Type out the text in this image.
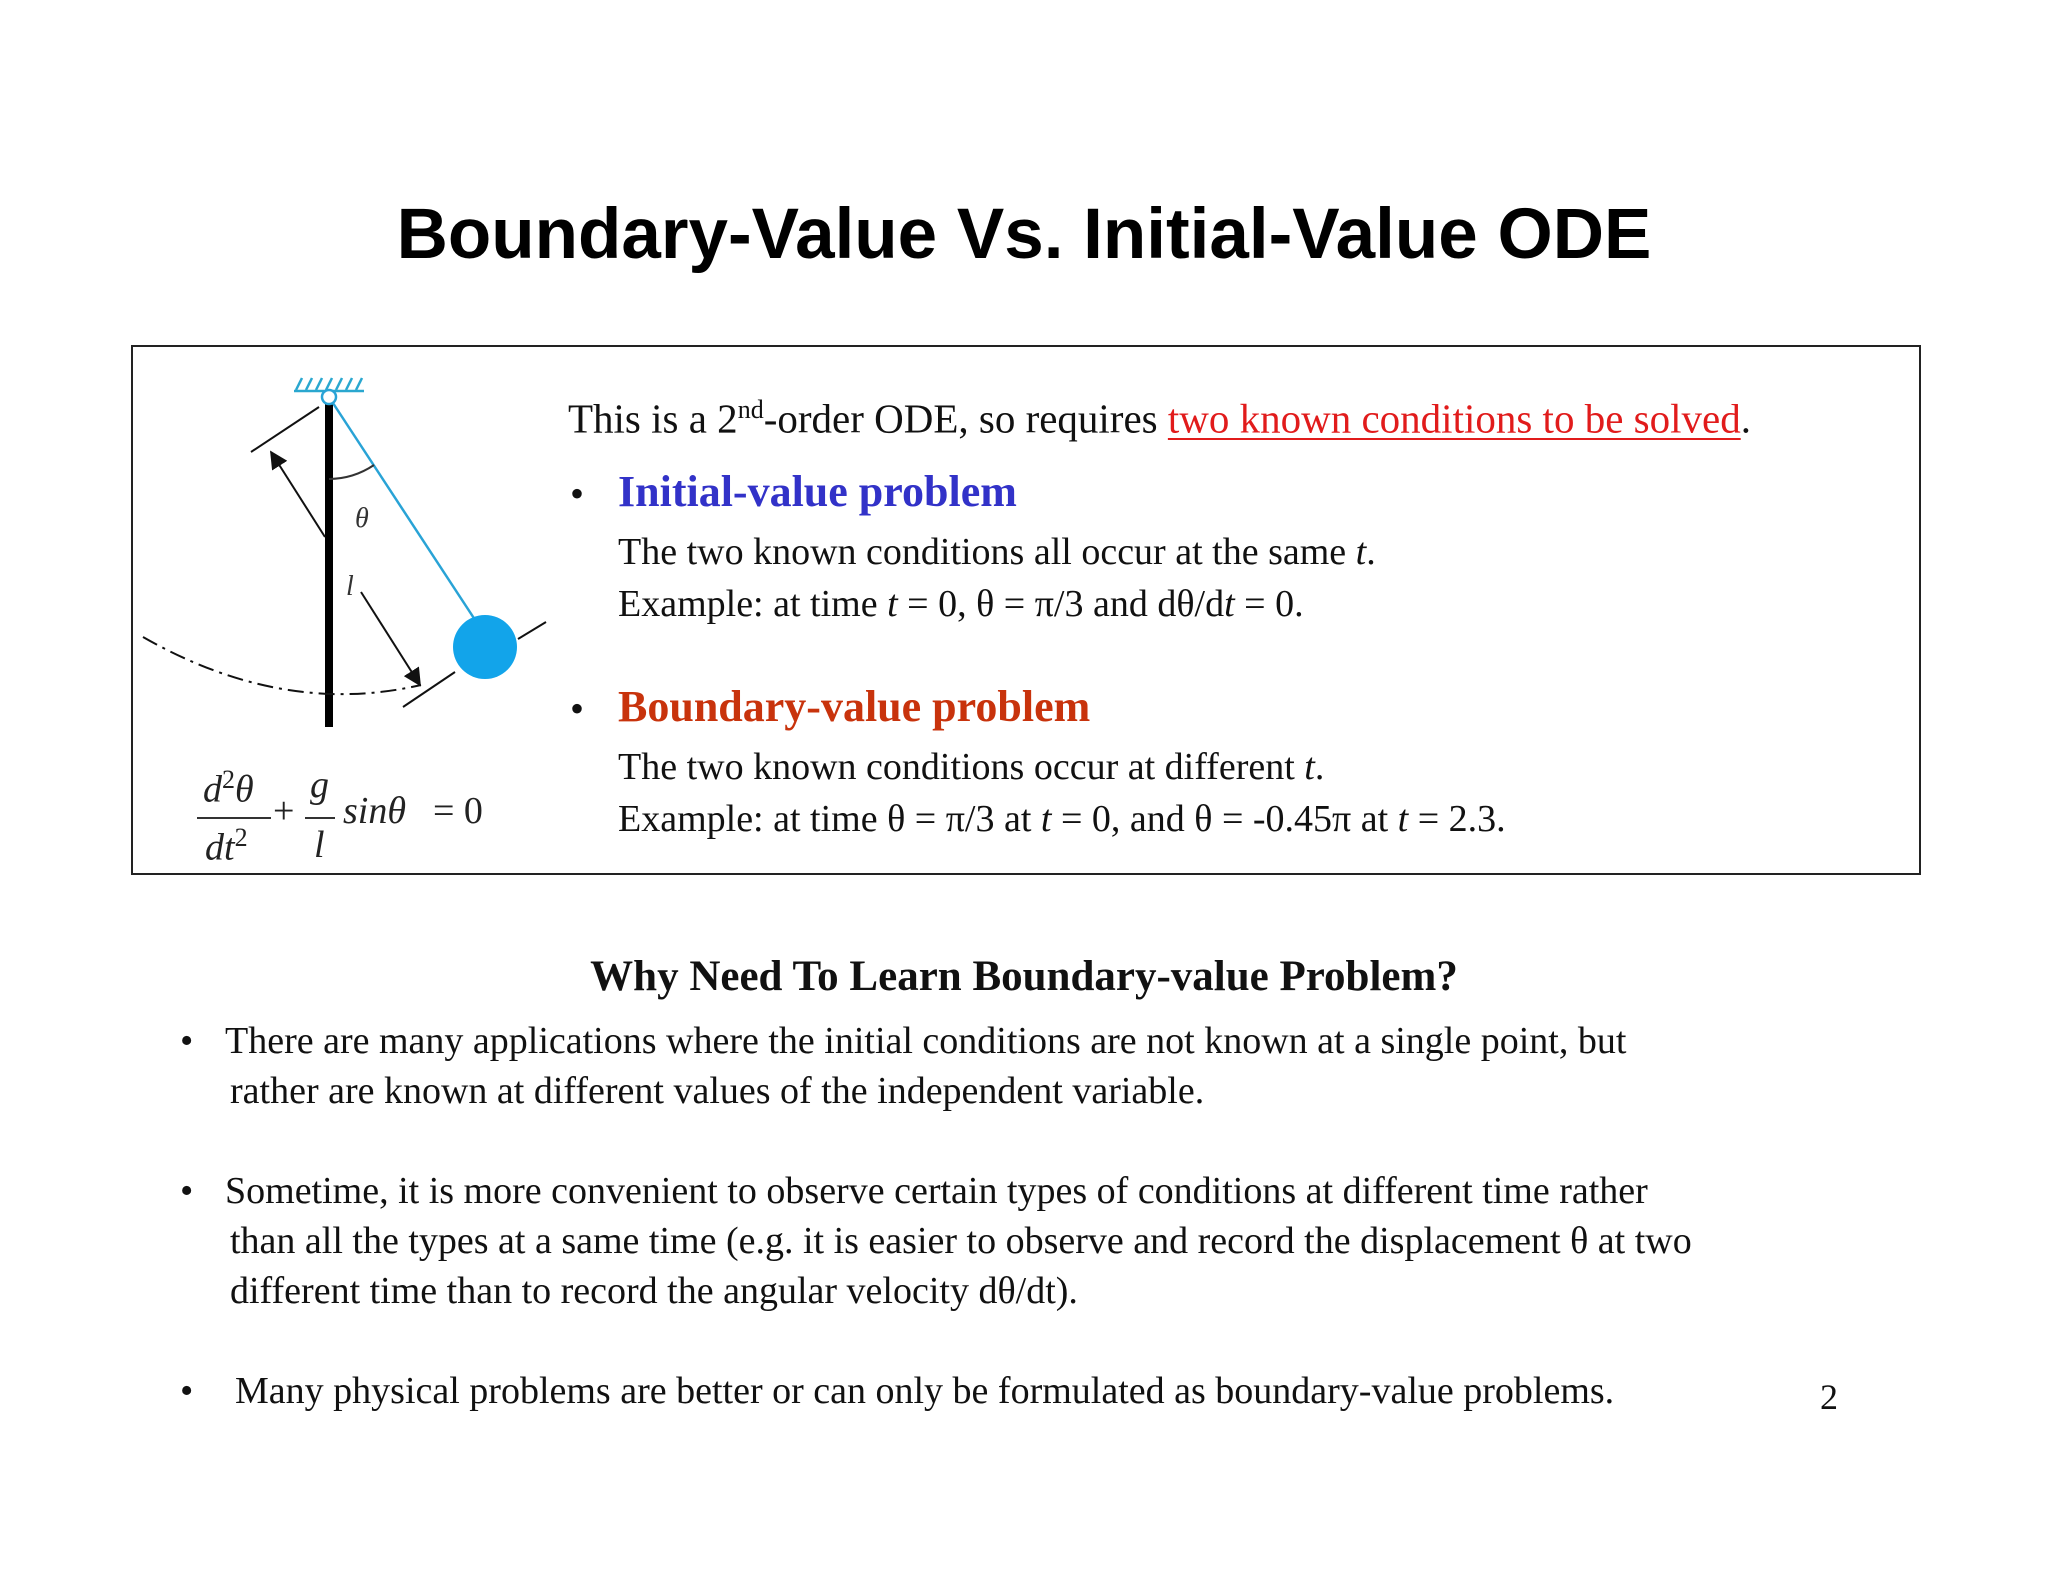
Boundary-Value Vs. Initial-Value ODE
θ
l
$d^2\theta$
$dt^2$
+
g
l
sinθ = 0
This is a 2nd-order ODE, so requires two known conditions to be solved.
• Initial-value problem
The two known conditions all occur at the same t.
Example: at time t = 0, θ = π/3 and dθ/dt = 0.
• Boundary-value problem
The two known conditions occur at different t.
Example: at time θ = π/3 at t = 0, and θ = -0.45π at t = 2.3.
Why Need To Learn Boundary-value Problem?
• There are many applications where the initial conditions are not known at a single point, but
rather are known at different values of the independent variable.
• Sometime, it is more convenient to observe certain types of conditions at different time rather
than all the types at a same time (e.g. it is easier to observe and record the displacement θ at two
different time than to record the angular velocity dθ/dt).
• Many physical problems are better or can only be formulated as boundary-value problems.	2
